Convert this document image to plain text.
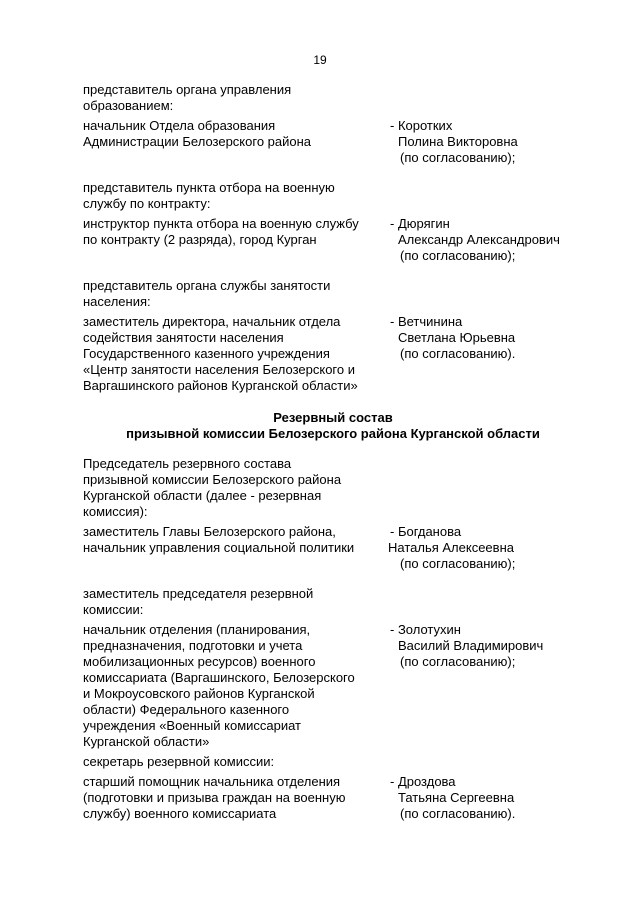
19
представитель органа управления
образованием:
начальник Отдела образования
Администрации Белозерского района
- Коротких
Полина Викторовна
(по согласованию);
представитель пункта отбора на военную
службу по контракту:
инструктор пункта отбора на военную службу
по контракту (2 разряда), город Курган
- Дюрягин
Александр Александрович
(по согласованию);
представитель органа службы занятости
населения:
заместитель директора, начальник отдела
содействия занятости населения
Государственного казенного учреждения
«Центр занятости населения Белозерского и
Варгашинского районов Курганской области»
- Ветчинина
Светлана Юрьевна
(по согласованию).
Резервный состав
призывной комиссии Белозерского района Курганской области
Председатель резервного состава
призывной комиссии Белозерского района
Курганской области (далее - резервная
комиссия):
заместитель Главы Белозерского района,
начальник управления социальной политики
- Богданова
Наталья Алексеевна
(по согласованию);
заместитель председателя резервной
комиссии:
начальник отделения (планирования,
предназначения, подготовки и учета
мобилизационных ресурсов) военного
комиссариата (Варгашинского, Белозерского
и Мокроусовского районов Курганской
области) Федерального казенного
учреждения «Военный комиссариат
Курганской области»
- Золотухин
Василий Владимирович
(по согласованию);
секретарь резервной комиссии:
старший помощник начальника отделения
(подготовки и призыва граждан на военную
службу) военного комиссариата
- Дроздова
Татьяна Сергеевна
(по согласованию).
